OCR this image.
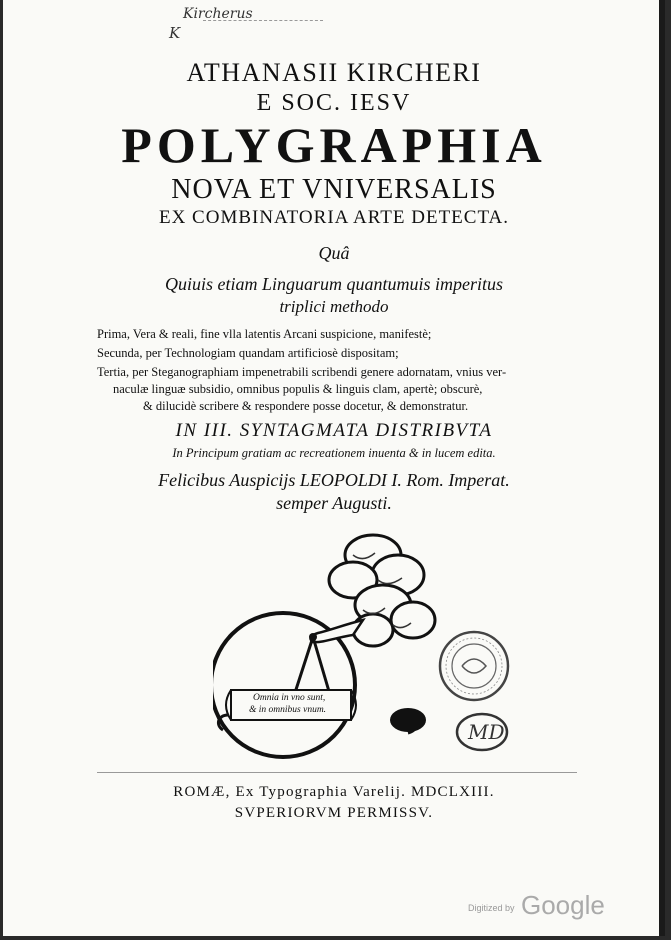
Kircherus
K
ATHANASII KIRCHERI
E SOC. IESV
POLYGRAPHIA
NOVA ET VNIVERSALIS
EX COMBINATORIA ARTE DETECTA.
Quâ
Quiuis etiam Linguarum quantumuis imperitus
triplici methodo
Prima, Vera & reali, fine vlla latentis Arcani suspicione, manifestè;
Secunda, per Technologiam quandam artificiosè dispositam;
Tertia, per Steganographiam impenetrabili scribendi genere adornatam, vnius ver-
naculæ linguæ subsidio, omnibus populis & linguis clam, apertè; obscurè,
& dilucidè scribere & respondere posse docetur, & demonstratur.
IN III. SYNTAGMATA DISTRIBVTA
In Principum gratiam ac recreationem inuenta & in lucem edita.
Felicibus Auspicijs LEOPOLDI I. Rom. Imperat.
semper Augusti.
Omnia in vno sunt,
& in omnibus vnum.
MD
ROMÆ, Ex Typographia Varelij. MDCLXIII.
SVPERIORVM PERMISSV.
Digitized by Google
